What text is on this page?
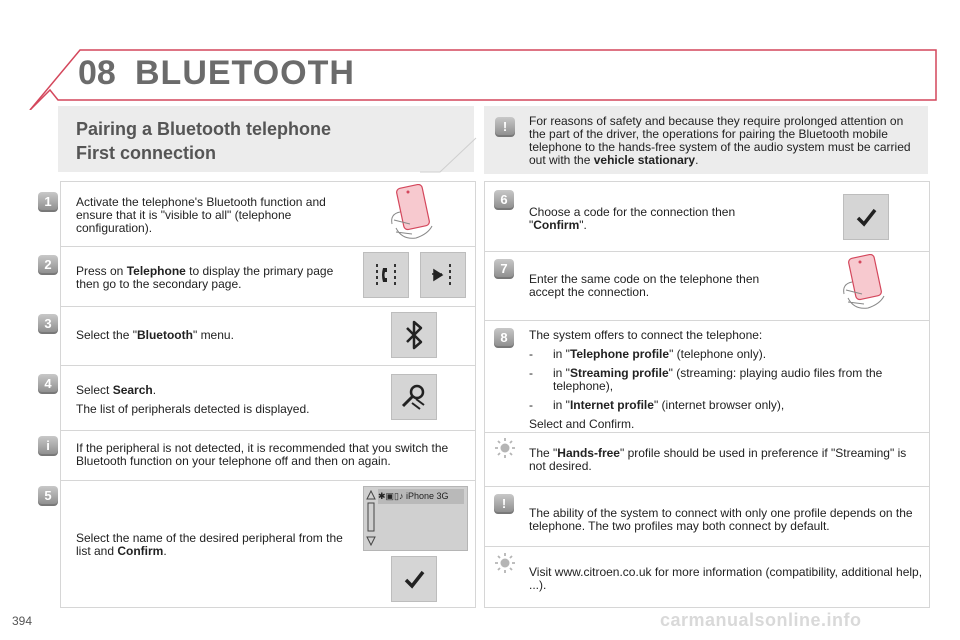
08 BLUETOOTH
Pairing a Bluetooth telephone
First connection
!	For reasons of safety and because they require prolonged attention on the part of the driver, the operations for pairing the Bluetooth mobile telephone to the hands-free system of the audio system must be carried out with the vehicle stationary.
1	Activate the telephone's Bluetooth function and ensure that it is "visible to all" (telephone configuration).
2	Press on Telephone to display the primary page then go to the secondary page.
3
Select the "Bluetooth" menu.
4	Select Search.

The list of peripherals detected is displayed.

i	If the peripheral is not detected, it is recommended that you switch the Bluetooth function on your telephone off and then on again.
5
Select the name of the desired peripheral from the list and Confirm.
✱▣▯♪ iPhone 3G
6
Choose a code for the connection then "Confirm".
7
Enter the same code on the telephone then accept the connection.
8	The system offers to connect the telephone:

-	in "Telephone profile" (telephone only).
-	in "Streaming profile" (streaming: playing audio files from the telephone),
-	in "Internet profile" (internet browser only),

Select and Confirm.

The "Hands-free" profile should be used in preference if "Streaming" is not desired.
!
The ability of the system to connect with only one profile depends on the telephone. The two profiles may both connect by default.
Visit www.citroen.co.uk for more information (compatibility, additional help, ...).
394	carmanualsonline.info
